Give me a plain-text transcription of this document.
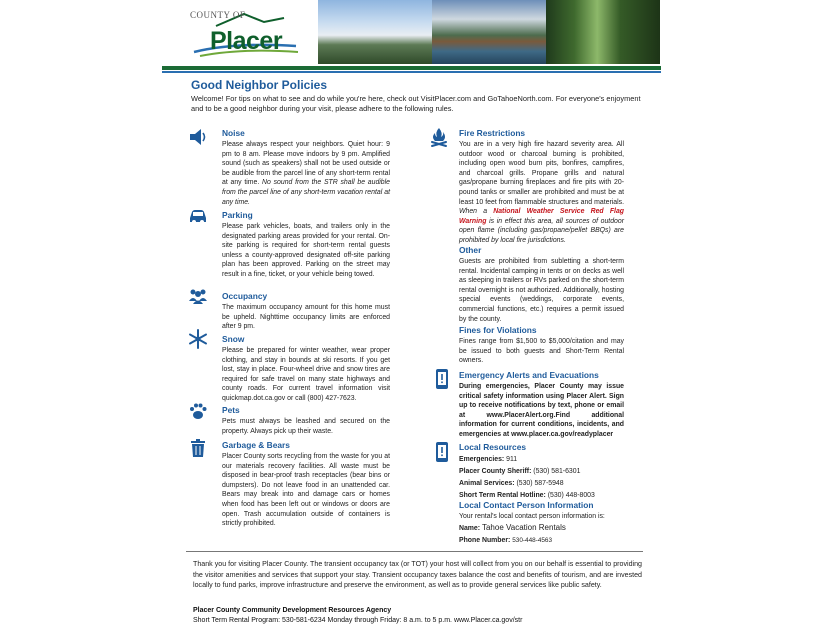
COUNTY OF
Placer
Good Neighbor Policies

Welcome! For tips on what to see and do while you're here, check out VisitPlacer.com and GoTahoeNorth.com. For everyone's enjoyment and to be a good neighbor during your visit, please adhere to the following rules.

Noise

Please always respect your neighbors. Quiet hour: 9 pm to 8 am. Please move indoors by 9 pm. Amplified sound (such as speakers) shall not be used outside or be audible from the parcel line of any short-term rental at any time. No sound from the STR shall be audible from the parcel line of any short-term vacation rental at any time.

Parking

Please park vehicles, boats, and trailers only in the designated parking areas provided for your rental. On-site parking is required for short-term rental guests unless a county-approved designated off-site parking plan has been approved. Parking on the street may result in a fine, ticket, or your vehicle being towed.

Occupancy

The maximum occupancy amount for this home must be upheld. Nighttime occupancy limits are enforced after 9 pm.

Snow

Please be prepared for winter weather, wear proper clothing, and stay in bounds at ski resorts. If you get lost, stay in place. Four-wheel drive and snow tires are required for safe travel on many state highways and county roads. For current travel information visit quickmap.dot.ca.gov or call (800) 427-7623.

Pets

Pets must always be leashed and secured on the property. Always pick up their waste.

Garbage & Bears

Placer County sorts recycling from the waste for you at our materials recovery facilities. All waste must be disposed in bear-proof trash receptacles (bear bins or dumpsters). Do not leave food in an unattended car. Bears may break into and damage cars or homes when food has been left out or windows or doors are open. Trash accumulation outside of containers is strictly prohibited.

Fire Restrictions

You are in a very high fire hazard severity area. All outdoor wood or charcoal burning is prohibited, including open wood burn pits, bonfires, campfires, and charcoal grills. Propane grills and natural gas/propane burning fireplaces and fire pits with 20-pound tanks or smaller are prohibited and must be at least 10 feet from flammable structures and materials. When a National Weather Service Red Flag Warning is in effect this area, all sources of outdoor open flame (including gas/propane/pellet BBQs) are prohibited by local fire jurisdictions.

Other

Guests are prohibited from subletting a short-term rental. Incidental camping in tents or on decks as well as sleeping in trailers or RVs parked on the short-term rental overnight is not authorized. Additionally, hosting special events (weddings, corporate events, commercial functions, etc.) requires a permit issued by the county.

Fines for Violations

Fines range from $1,500 to $5,000/citation and may be issued to both guests and Short-Term Rental owners.

Emergency Alerts and Evacuations

During emergencies, Placer County may issue critical safety information using Placer Alert. Sign up to receive notifications by text, phone or email at www.PlacerAlert.org.Find additional information for current conditions, incidents, and emergencies at www.placer.ca.gov/readyplacer

Local Resources
Emergencies: 911
Placer County Sheriff: (530) 581-6301
Animal Services: (530) 587-5948
Short Term Rental Hotline: (530) 448-8003
Local Contact Person Information

Your rental's local contact person information is:

Name: Tahoe Vacation Rentals
Phone Number: 530-448-4563

Thank you for visiting Placer County. The transient occupancy tax (or TOT) your host will collect from you on our behalf is essential to providing the visitor amenities and services that support your stay. Transient occupancy taxes balance the cost and benefits of tourism, and are invested locally to fund parks, improve infrastructure and preserve the environment, as well as to provide general services like public safety.

Placer County Community Development Resources Agency
Short Term Rental Program: 530-581-6234 Monday through Friday: 8 a.m. to 5 p.m. www.Placer.ca.gov/str
